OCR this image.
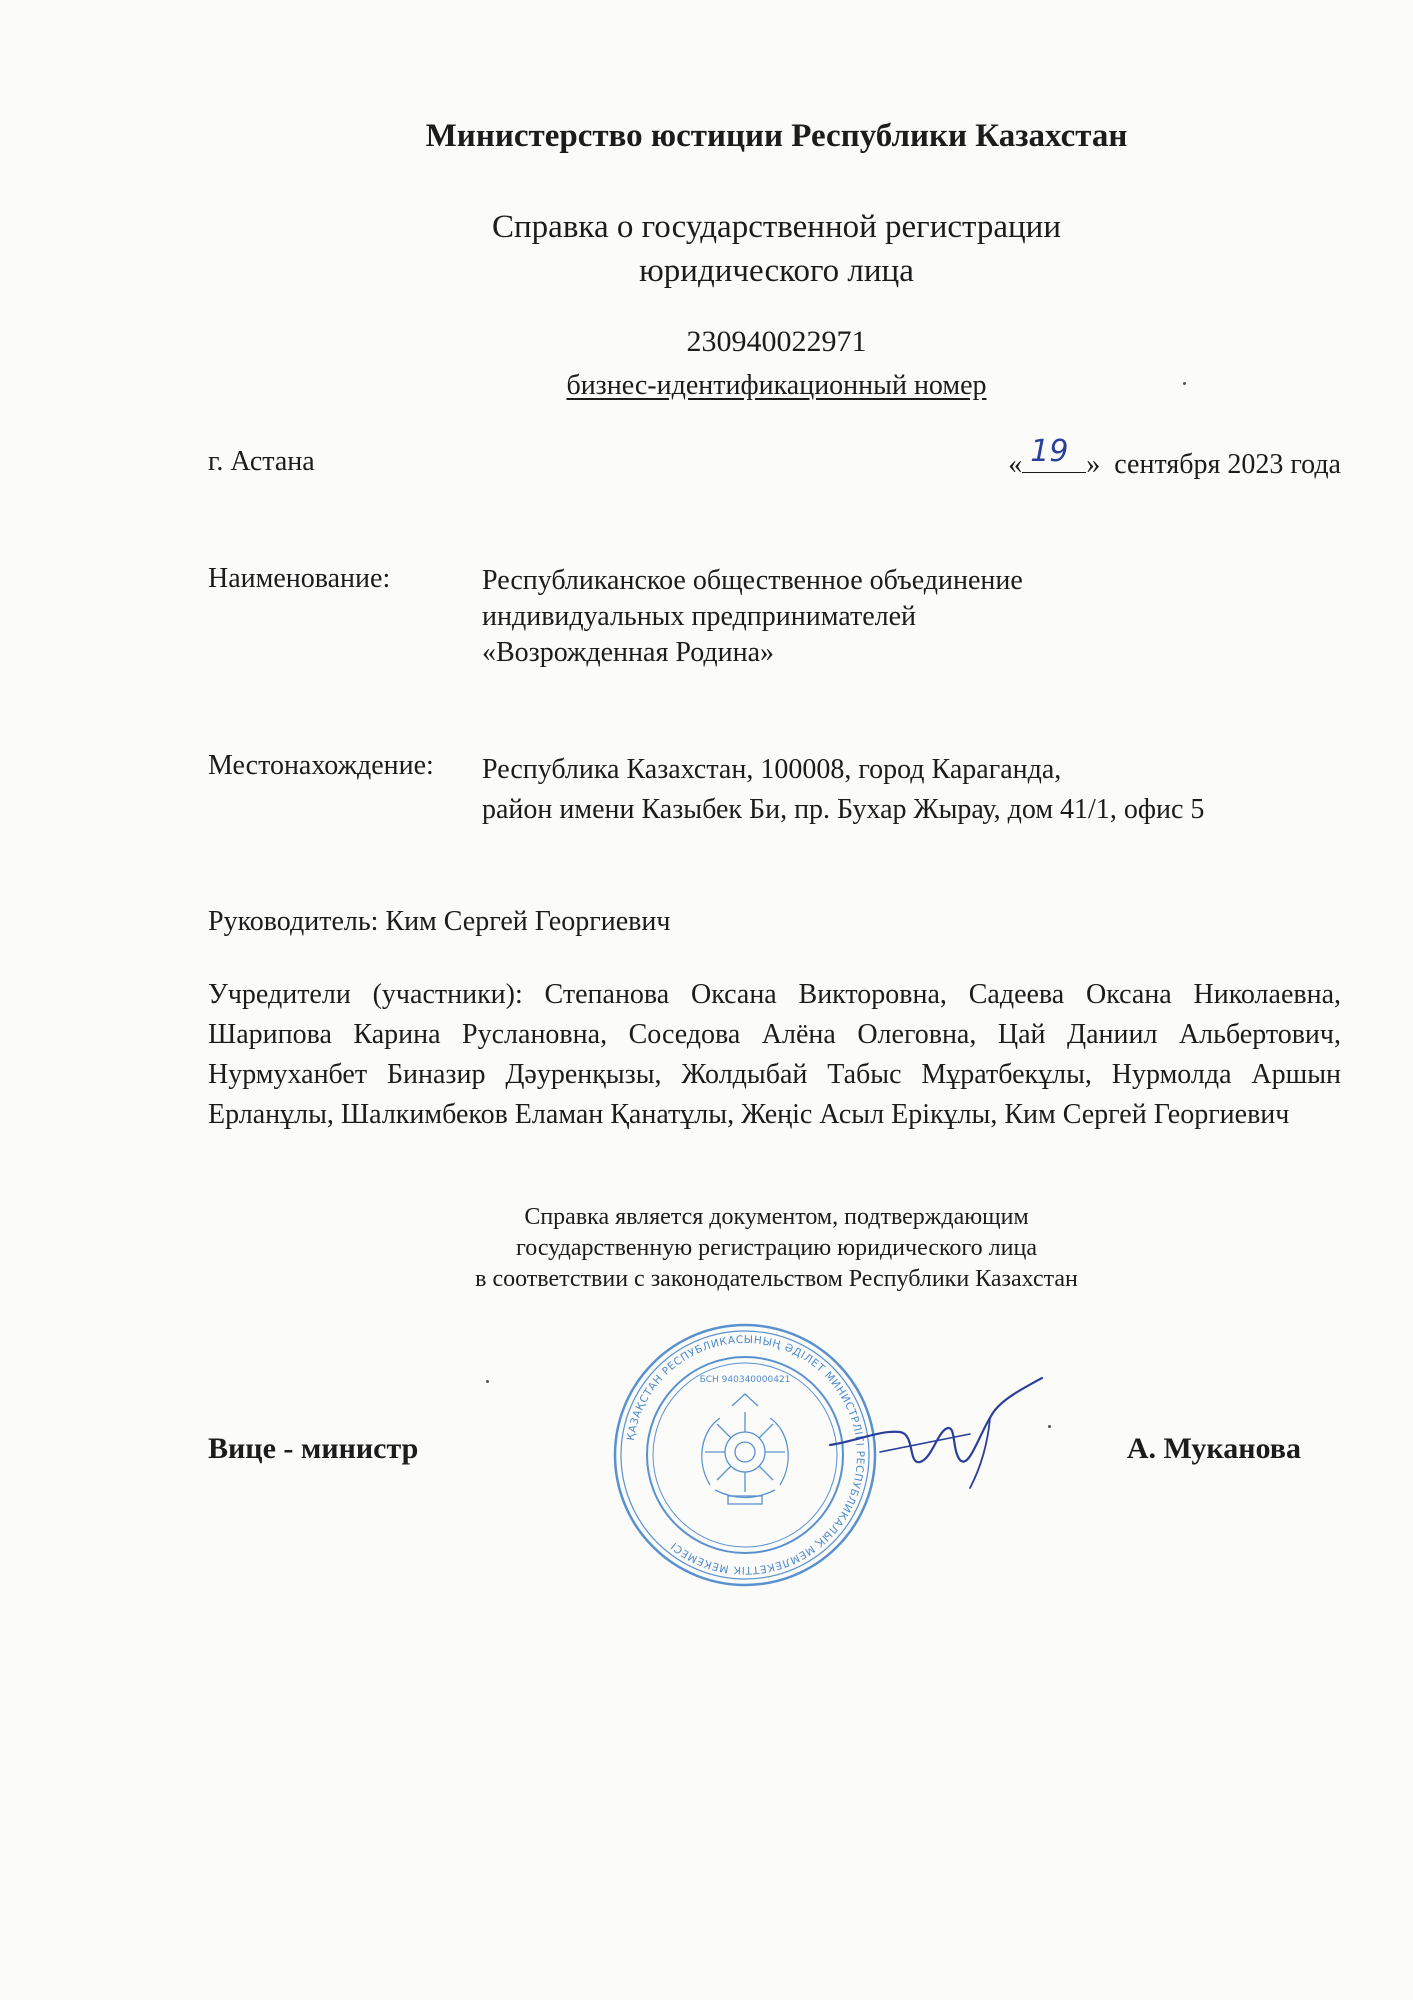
Министерство юстиции Республики Казахстан
Справка о государственной регистрации
юридического лица
230940022971
бизнес-идентификационный номер
г. Астана	« 19 » сентября 2023 года
Наименование:	Республиканское общественное объединение
индивидуальных предпринимателей
«Возрожденная Родина»
Местонахождение: Республика Казахстан, 100008, город Караганда,
район имени Казыбек Би, пр. Бухар Жырау, дом 41/1, офис 5
Руководитель: Ким Сергей Георгиевич
Учредители (участники): Степанова Оксана Викторовна, Садеева Оксана Николаевна, Шарипова Карина Руслановна, Соседова Алёна Олеговна, Цай Даниил Альбертович, Нурмуханбет Биназир Дәуренқызы, Жолдыбай Табыс Мұратбекұлы, Нурмолда Аршын Ерланұлы, Шалкимбеков Еламан Қанатұлы, Жеңіс Асыл Ерікұлы, Ким Сергей Георгиевич
Справка является документом, подтверждающим
государственную регистрацию юридического лица
в соответствии с законодательством Республики Казахстан
Вице - министр	А. Муканова
ҚАЗАҚСТАН РЕСПУБЛИКАСЫНЫҢ ӘДІЛЕТ МИНИСТРЛІГІ РЕСПУБЛИКАЛЫҚ МЕМЛЕКЕТТІК МЕКЕМЕСІ
БСН 940340000421
